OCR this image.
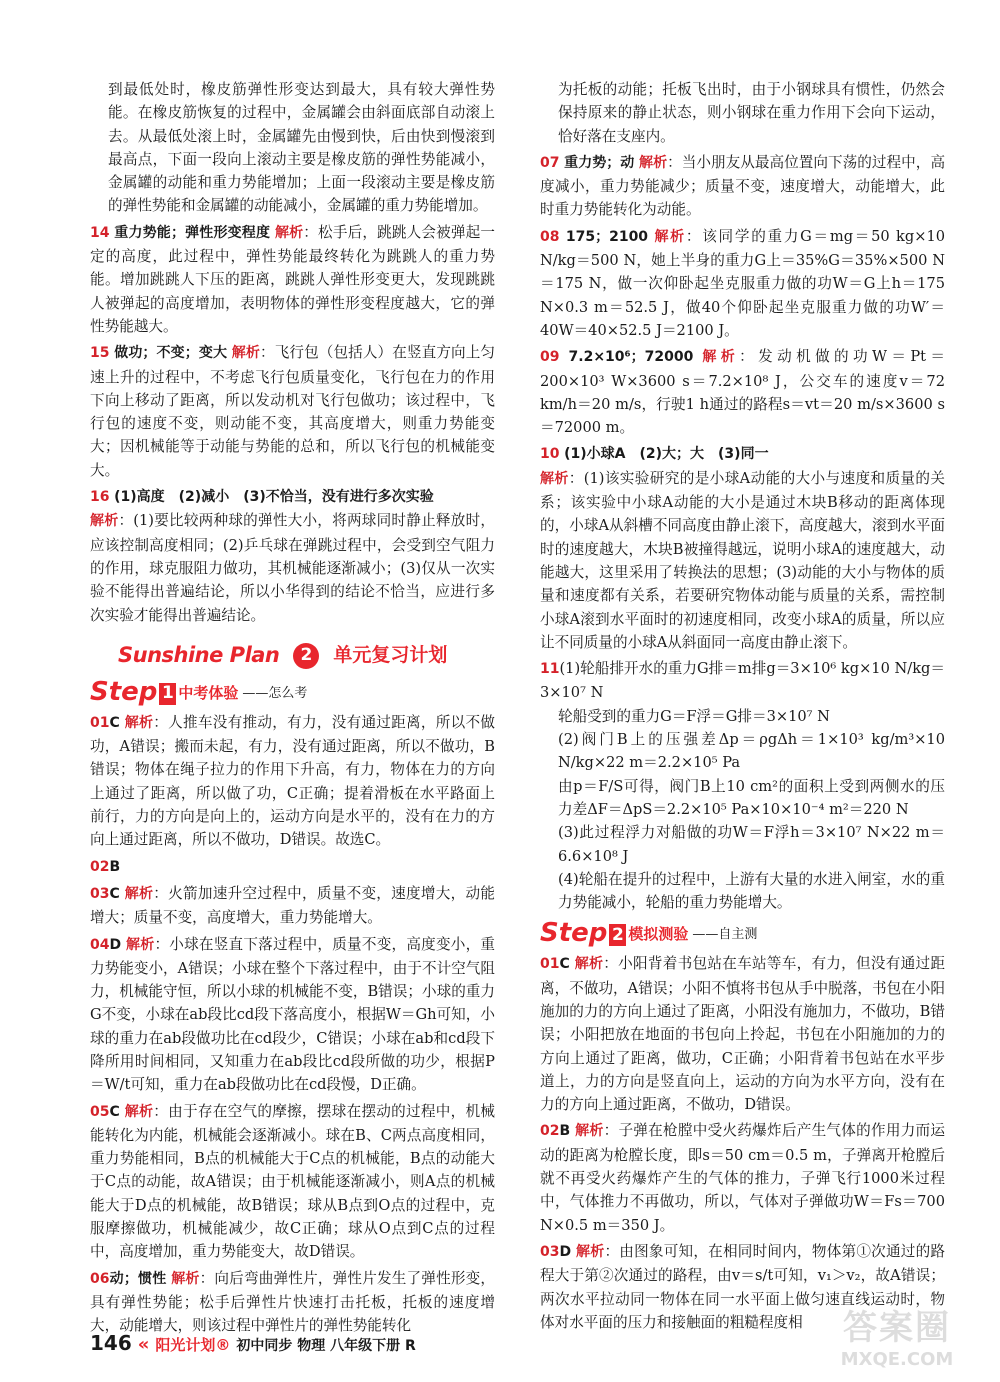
到最低处时，橡皮筋弹性形变达到最大，具有较大弹性势能。在橡皮筋恢复的过程中，金属罐会由斜面底部自动滚上去。从最低处滚上时，金属罐先由慢到快，后由快到慢滚到最高点，下面一段向上滚动主要是橡皮筋的弹性势能减小，金属罐的动能和重力势能增加；上面一段滚动主要是橡皮筋的弹性势能和金属罐的动能减小，金属罐的重力势能增加。

14 重力势能；弹性形变程度 解析：松手后，跳跳人会被弹起一定的高度，此过程中，弹性势能最终转化为跳跳人的重力势能。增加跳跳人下压的距离，跳跳人弹性形变更大，发现跳跳人被弹起的高度增加，表明物体的弹性形变程度越大，它的弹性势能越大。

15 做功；不变；变大 解析：飞行包（包括人）在竖直方向上匀速上升的过程中，不考虑飞行包质量变化，飞行包在力的作用下向上移动了距离，所以发动机对飞行包做功；该过程中，飞行包的速度不变，则动能不变，其高度增大，则重力势能变大；因机械能等于动能与势能的总和，所以飞行包的机械能变大。

16 (1)高度　(2)减小　(3)不恰当，没有进行多次实验
解析：(1)要比较两种球的弹性大小，将两球同时静止释放时，应该控制高度相同；(2)乒乓球在弹跳过程中，会受到空气阻力的作用，球克服阻力做功，其机械能逐渐减小；(3)仅从一次实验不能得出普遍结论，所以小华得到的结论不恰当，应进行多次实验才能得出普遍结论。

Sunshine Plan	2	单元复习计划
Step 1 中考体验 ——怎么考

01C 解析：人推车没有推动，有力，没有通过距离，所以不做功，A错误；搬而未起，有力，没有通过距离，所以不做功，B错误；物体在绳子拉力的作用下升高，有力，物体在力的方向上通过了距离，所以做了功，C正确；提着滑板在水平路面上前行，力的方向是向上的，运动方向是水平的，没有在力的方向上通过距离，所以不做功，D错误。故选C。

02B

03C 解析：火箭加速升空过程中，质量不变，速度增大，动能增大；质量不变，高度增大，重力势能增大。

04D 解析：小球在竖直下落过程中，质量不变，高度变小，重力势能变小，A错误；小球在整个下落过程中，由于不计空气阻力，机械能守恒，所以小球的机械能不变，B错误；小球的重力G不变，小球在ab段比cd段下落高度小，根据W＝Gh可知，小球的重力在ab段做功比在cd段少，C错误；小球在ab和cd段下降所用时间相同，又知重力在ab段比cd段所做的功少，根据P＝W/t可知，重力在ab段做功比在cd段慢，D正确。

05C 解析：由于存在空气的摩擦，摆球在摆动的过程中，机械能转化为内能，机械能会逐渐减小。球在B、C两点高度相同，重力势能相同，B点的机械能大于C点的机械能，B点的动能大于C点的动能，故A错误；由于机械能逐渐减小，则A点的机械能大于D点的机械能，故B错误；球从B点到O点的过程中，克服摩擦做功，机械能减少，故C正确；球从O点到C点的过程中，高度增加，重力势能变大，故D错误。

06动；惯性 解析：向后弯曲弹性片，弹性片发生了弹性形变，具有弹性势能；松手后弹性片快速打击托板，托板的速度增大，动能增大，则该过程中弹性片的弹性势能转化

为托板的动能；托板飞出时，由于小钢球具有惯性，仍然会保持原来的静止状态，则小钢球在重力作用下会向下运动，恰好落在支座内。

07 重力势；动 解析：当小朋友从最高位置向下荡的过程中，高度减小，重力势能减少；质量不变，速度增大，动能增大，此时重力势能转化为动能。

08 175；2100 解析：该同学的重力G＝mg＝50 kg×10 N/kg＝500 N，她上半身的重力G上＝35%G＝35%×500 N＝175 N，做一次仰卧起坐克服重力做的功W＝G上h＝175 N×0.3 m＝52.5 J，做40个仰卧起坐克服重力做的功W′＝40W＝40×52.5 J＝2100 J。

09 7.2×10⁶；72000 解析：发动机做的功W＝Pt＝200×10³ W×3600 s＝7.2×10⁸ J，公交车的速度v＝72 km/h＝20 m/s，行驶1 h通过的路程s＝vt＝20 m/s×3600 s＝72000 m。

10 (1)小球A　(2)大；大　(3)同一
解析：(1)该实验研究的是小球A动能的大小与速度和质量的关系；该实验中小球A动能的大小是通过木块B移动的距离体现的，小球A从斜槽不同高度由静止滚下，高度越大，滚到水平面时的速度越大，木块B被撞得越远，说明小球A的速度越大，动能越大，这里采用了转换法的思想；(3)动能的大小与物体的质量和速度都有关系，若要研究物体动能与质量的关系，需控制小球A滚到水平面时的初速度相同，改变小球A的质量，所以应让不同质量的小球A从斜面同一高度由静止滚下。

11(1)轮船排开水的重力G排＝m排g＝3×10⁶ kg×10 N/kg＝3×10⁷ N

轮船受到的重力G＝F浮＝G排＝3×10⁷ N

(2)阀门B上的压强差Δp＝ρgΔh＝1×10³ kg/m³×10 N/kg×22 m＝2.2×10⁵ Pa

由p＝F/S可得，阀门B上10 cm²的面积上受到两侧水的压力差ΔF＝ΔpS＝2.2×10⁵ Pa×10×10⁻⁴ m²＝220 N

(3)此过程浮力对船做的功W＝F浮h＝3×10⁷ N×22 m＝6.6×10⁸ J

(4)轮船在提升的过程中，上游有大量的水进入闸室，水的重力势能减小，轮船的重力势能增大。

Step 2 模拟测验 ——自主测

01C 解析：小阳背着书包站在车站等车，有力，但没有通过距离，不做功，A错误；小阳不慎将书包从手中脱落，书包在小阳施加的力的方向上通过了距离，小阳没有施加力，不做功，B错误；小阳把放在地面的书包向上拎起，书包在小阳施加的力的方向上通过了距离，做功，C正确；小阳背着书包站在水平步道上，力的方向是竖直向上，运动的方向为水平方向，没有在力的方向上通过距离，不做功，D错误。

02B 解析：子弹在枪膛中受火药爆炸后产生气体的作用力而运动的距离为枪膛长度，即s＝50 cm＝0.5 m，子弹离开枪膛后就不再受火药爆炸产生的气体的推力，子弹飞行1000米过程中，气体推力不再做功，所以，气体对子弹做功W＝Fs＝700 N×0.5 m＝350 J。

03D 解析：由图象可知，在相同时间内，物体第①次通过的路程大于第②次通过的路程，由v＝s/t可知，v₁＞v₂，故A错误；两次水平拉动同一物体在同一水平面上做匀速直线运动时，物体对水平面的压力和接触面的粗糙程度相

146 « 阳光计划® 初中同步 物理 八年级下册 R	答案圈
MXQE.COM
